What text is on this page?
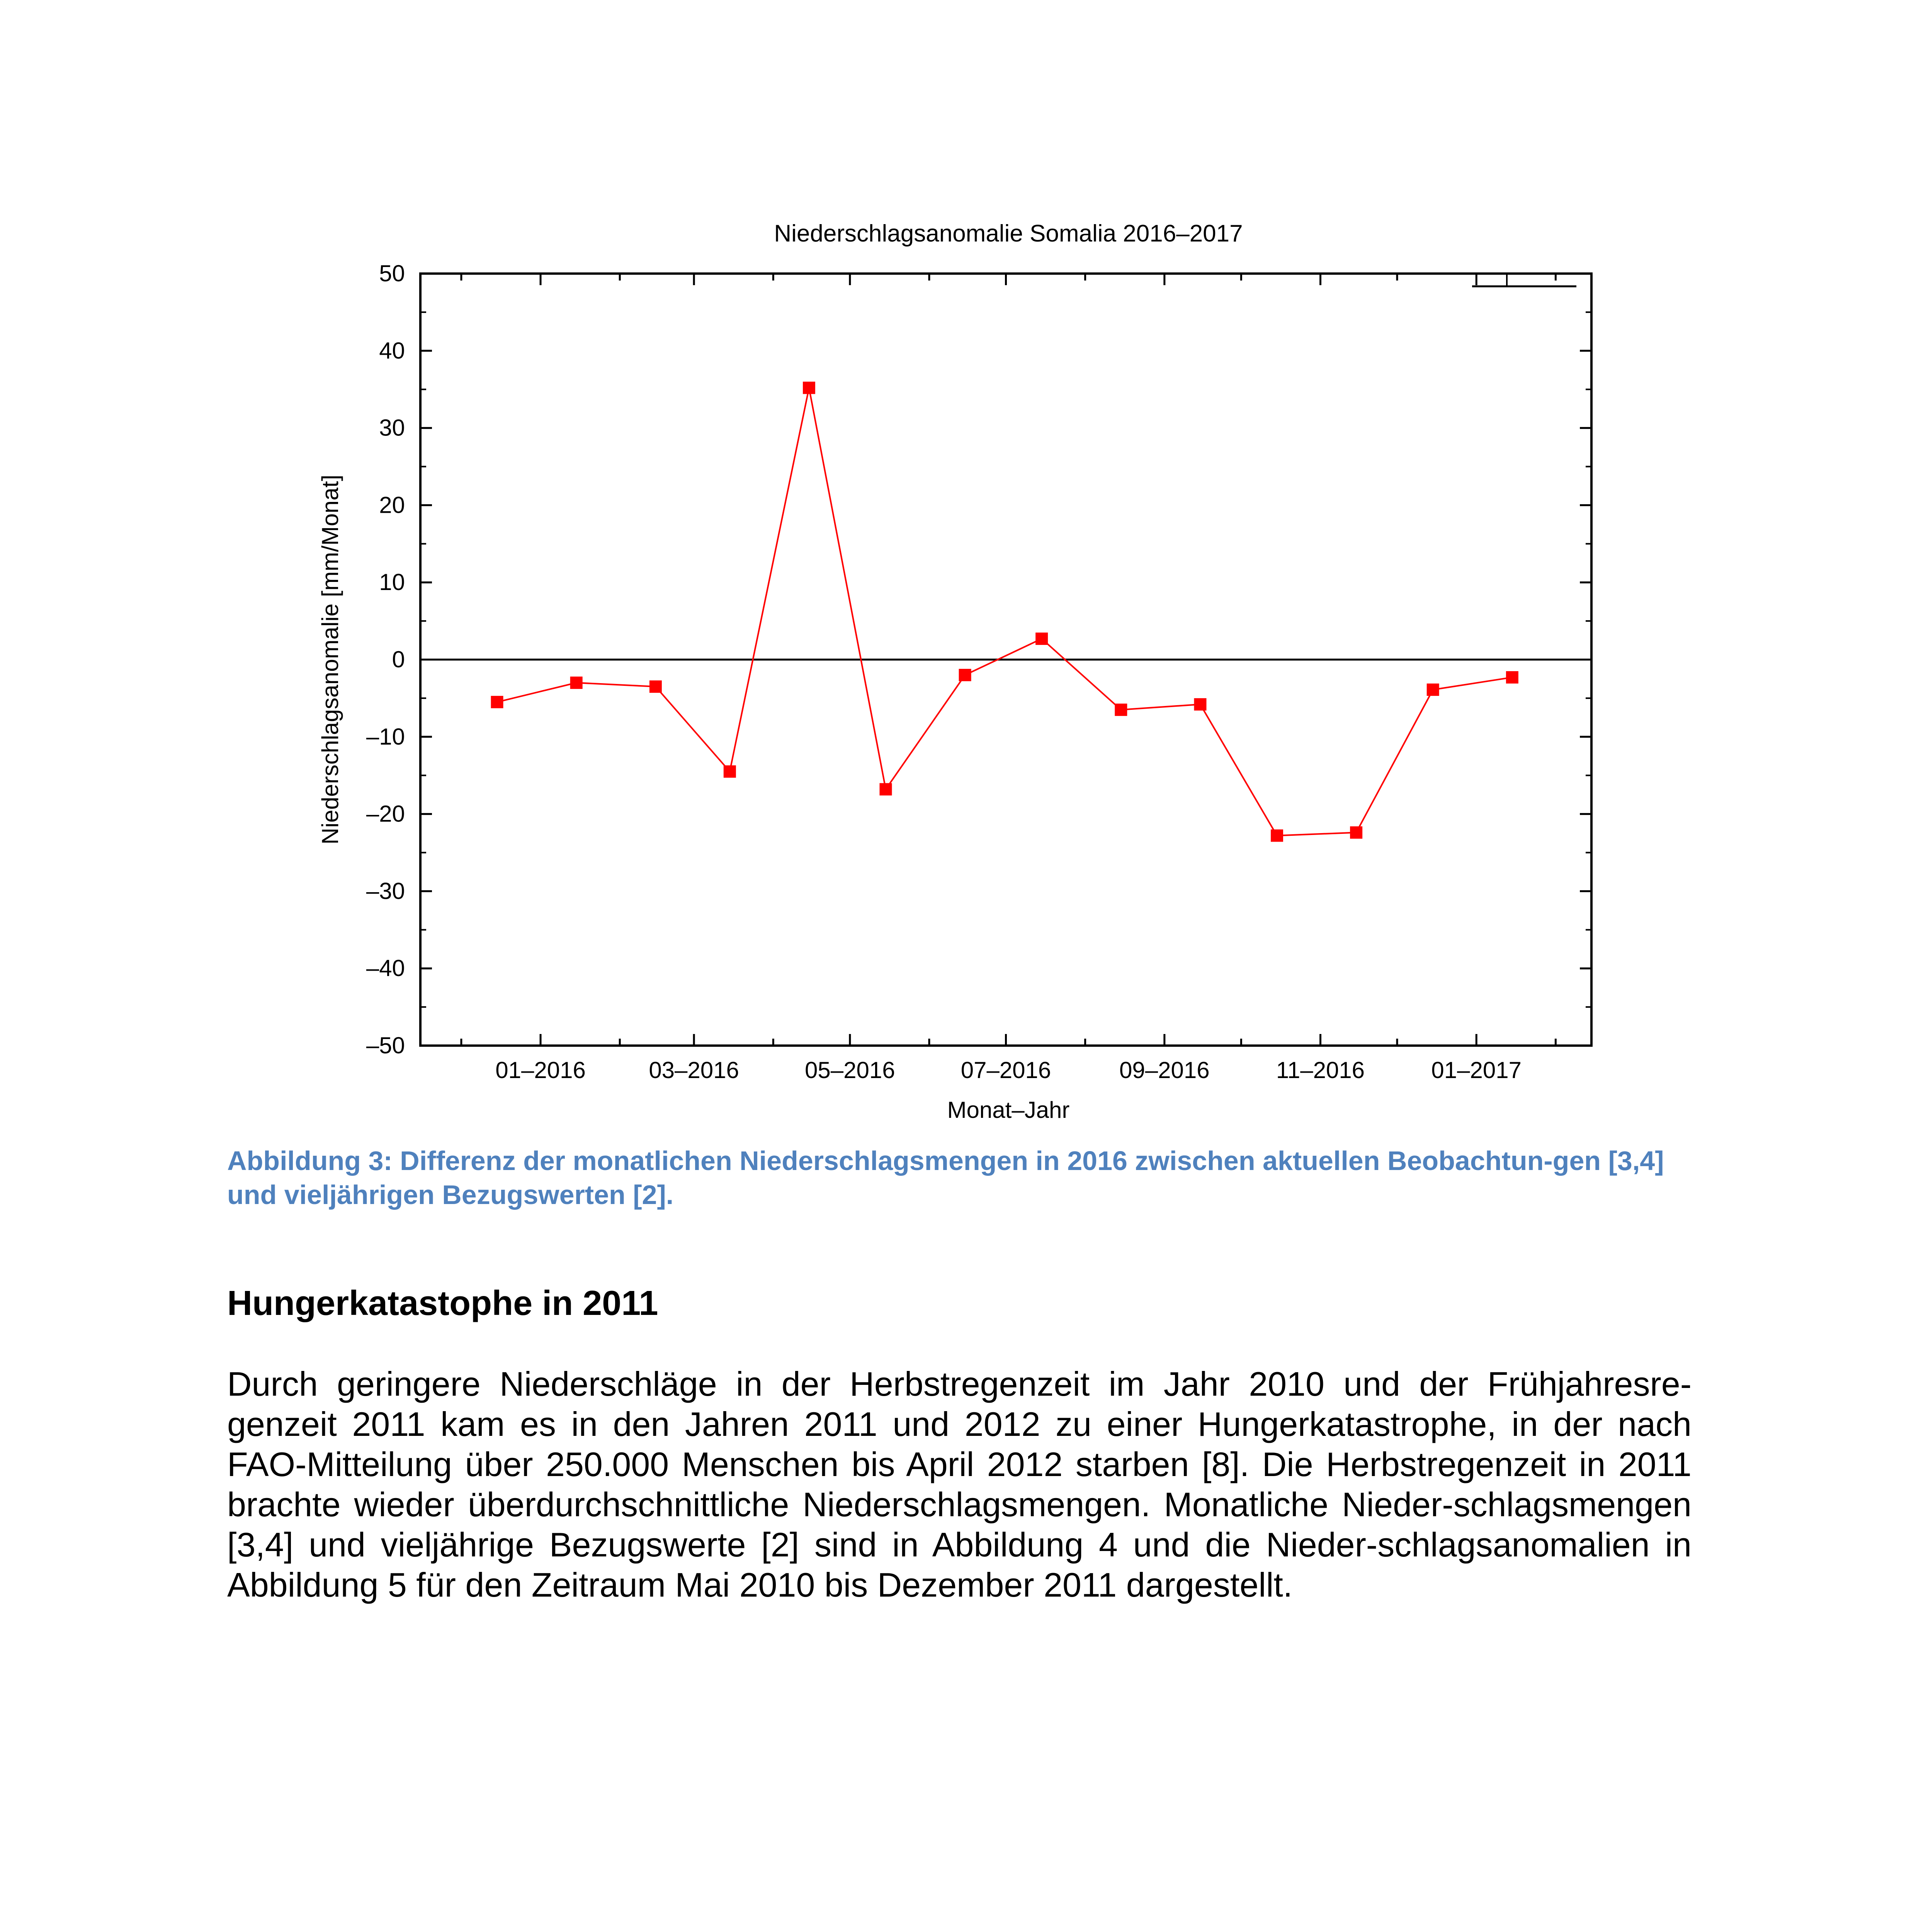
Niederschlagsanomalie Somalia 2016–2017
50
40
30
20
10
0
–10
–20
–30
–40
–50
01–2016	03–2016	05–2016	07–2016	09–2016	11–2016	01–2017
Niederschlagsanomalie [mm/Monat]
Monat–Jahr

Abbildung 3: Differenz der monatlichen Niederschlagsmengen in 2016 zwischen aktuellen Beobachtun-gen [3,4] und vieljährigen Bezugswerten [2].

Hungerkatastophe in 2011

Durch geringere Niederschläge in der Herbstregenzeit im Jahr 2010 und der Frühjahresre-genzeit 2011 kam es in den Jahren 2011 und 2012 zu einer Hungerkatastrophe, in der nach FAO-Mitteilung über 250.000 Menschen bis April 2012 starben [8]. Die Herbstregenzeit in 2011 brachte wieder überdurchschnittliche Niederschlagsmengen. Monatliche Nieder-schlagsmengen [3,4] und vieljährige Bezugswerte [2] sind in Abbildung 4 und die Nieder-schlagsanomalien in Abbildung 5 für den Zeitraum Mai 2010 bis Dezember 2011 dargestellt.
